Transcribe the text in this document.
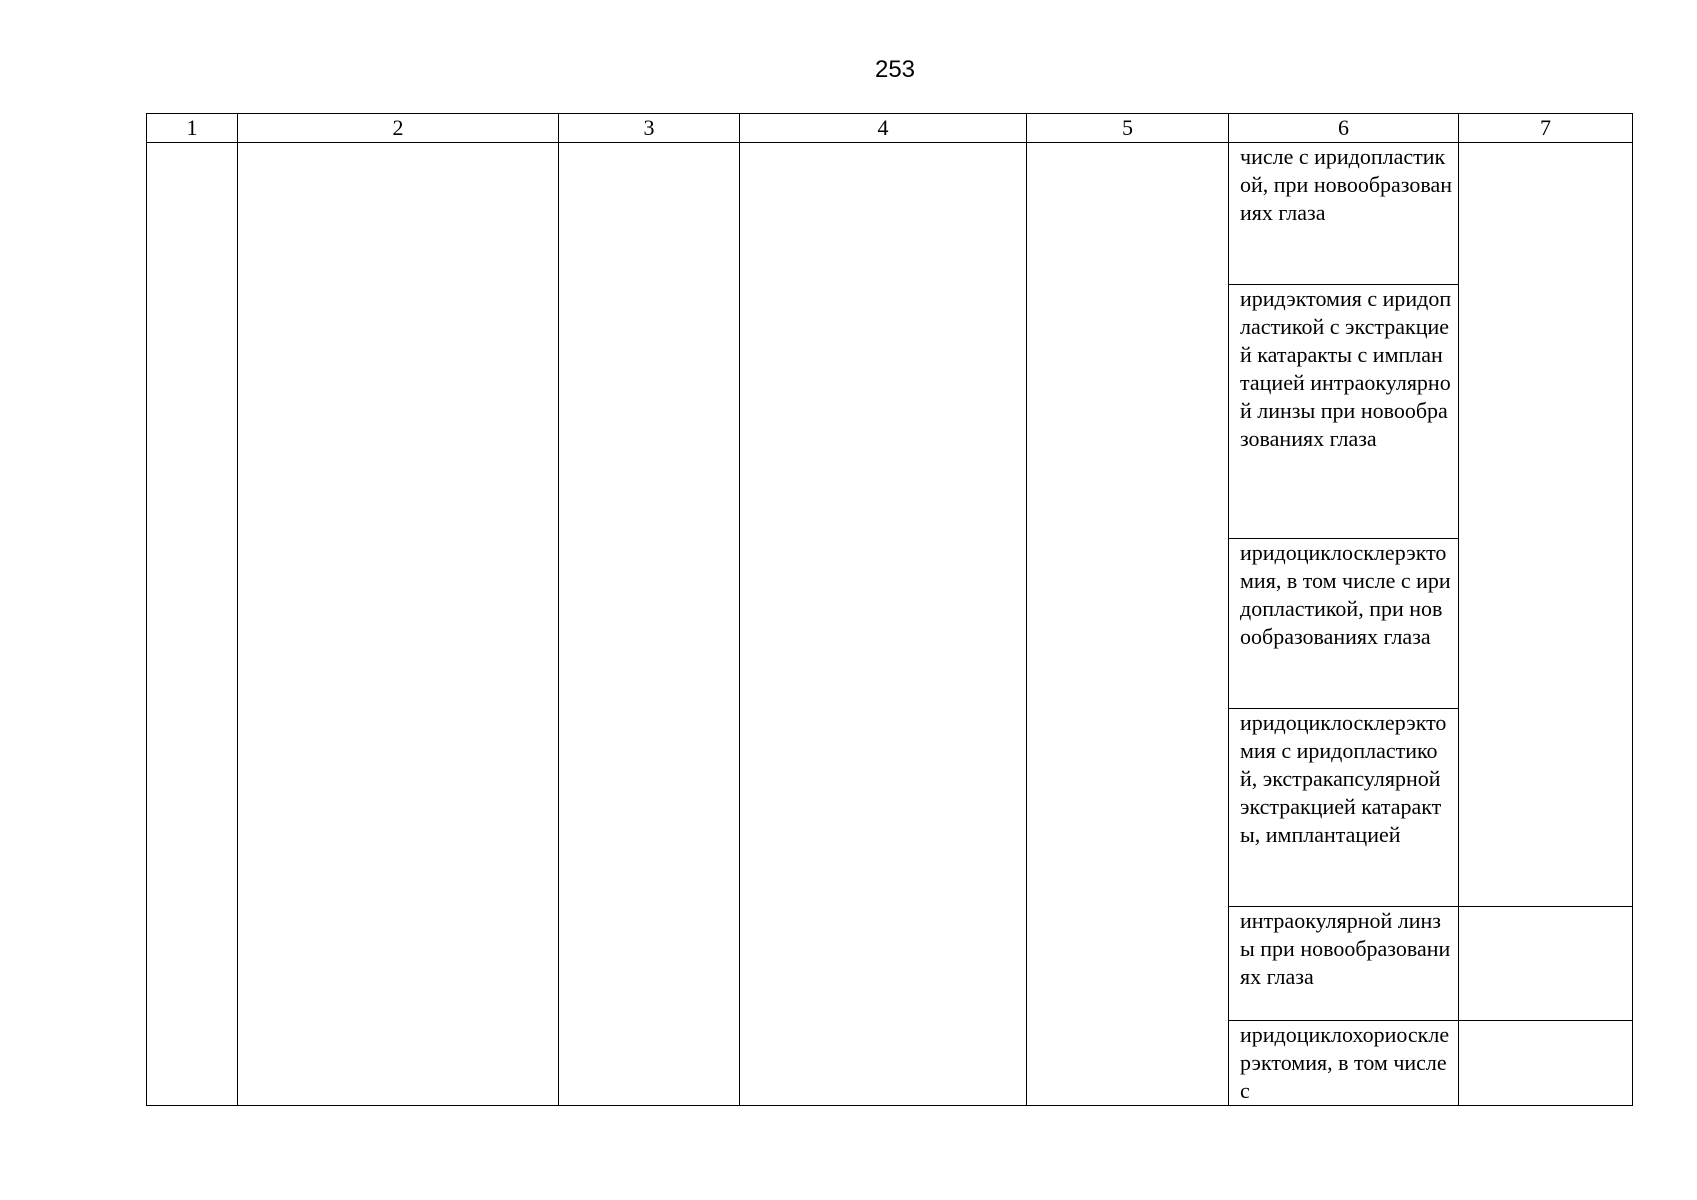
253
1	2	3	4	5	6	7
					числе с иридопластикой, при новообразованиях глаза	
					иридэктомия с иридопластикой с экстракцией катаракты с имплантацией интраокулярной линзы при новообразованиях глаза	
					иридоциклосклерэктомия, в том числе с иридопластикой, при новообразованиях глаза	
					иридоциклосклерэктомия с иридопластикой, экстракапсулярной экстракцией катаракты, имплантацией	
					интраокулярной линзы при новообразованиях глаза	
					иридоциклохориосклерэктомия, в том числе с	
